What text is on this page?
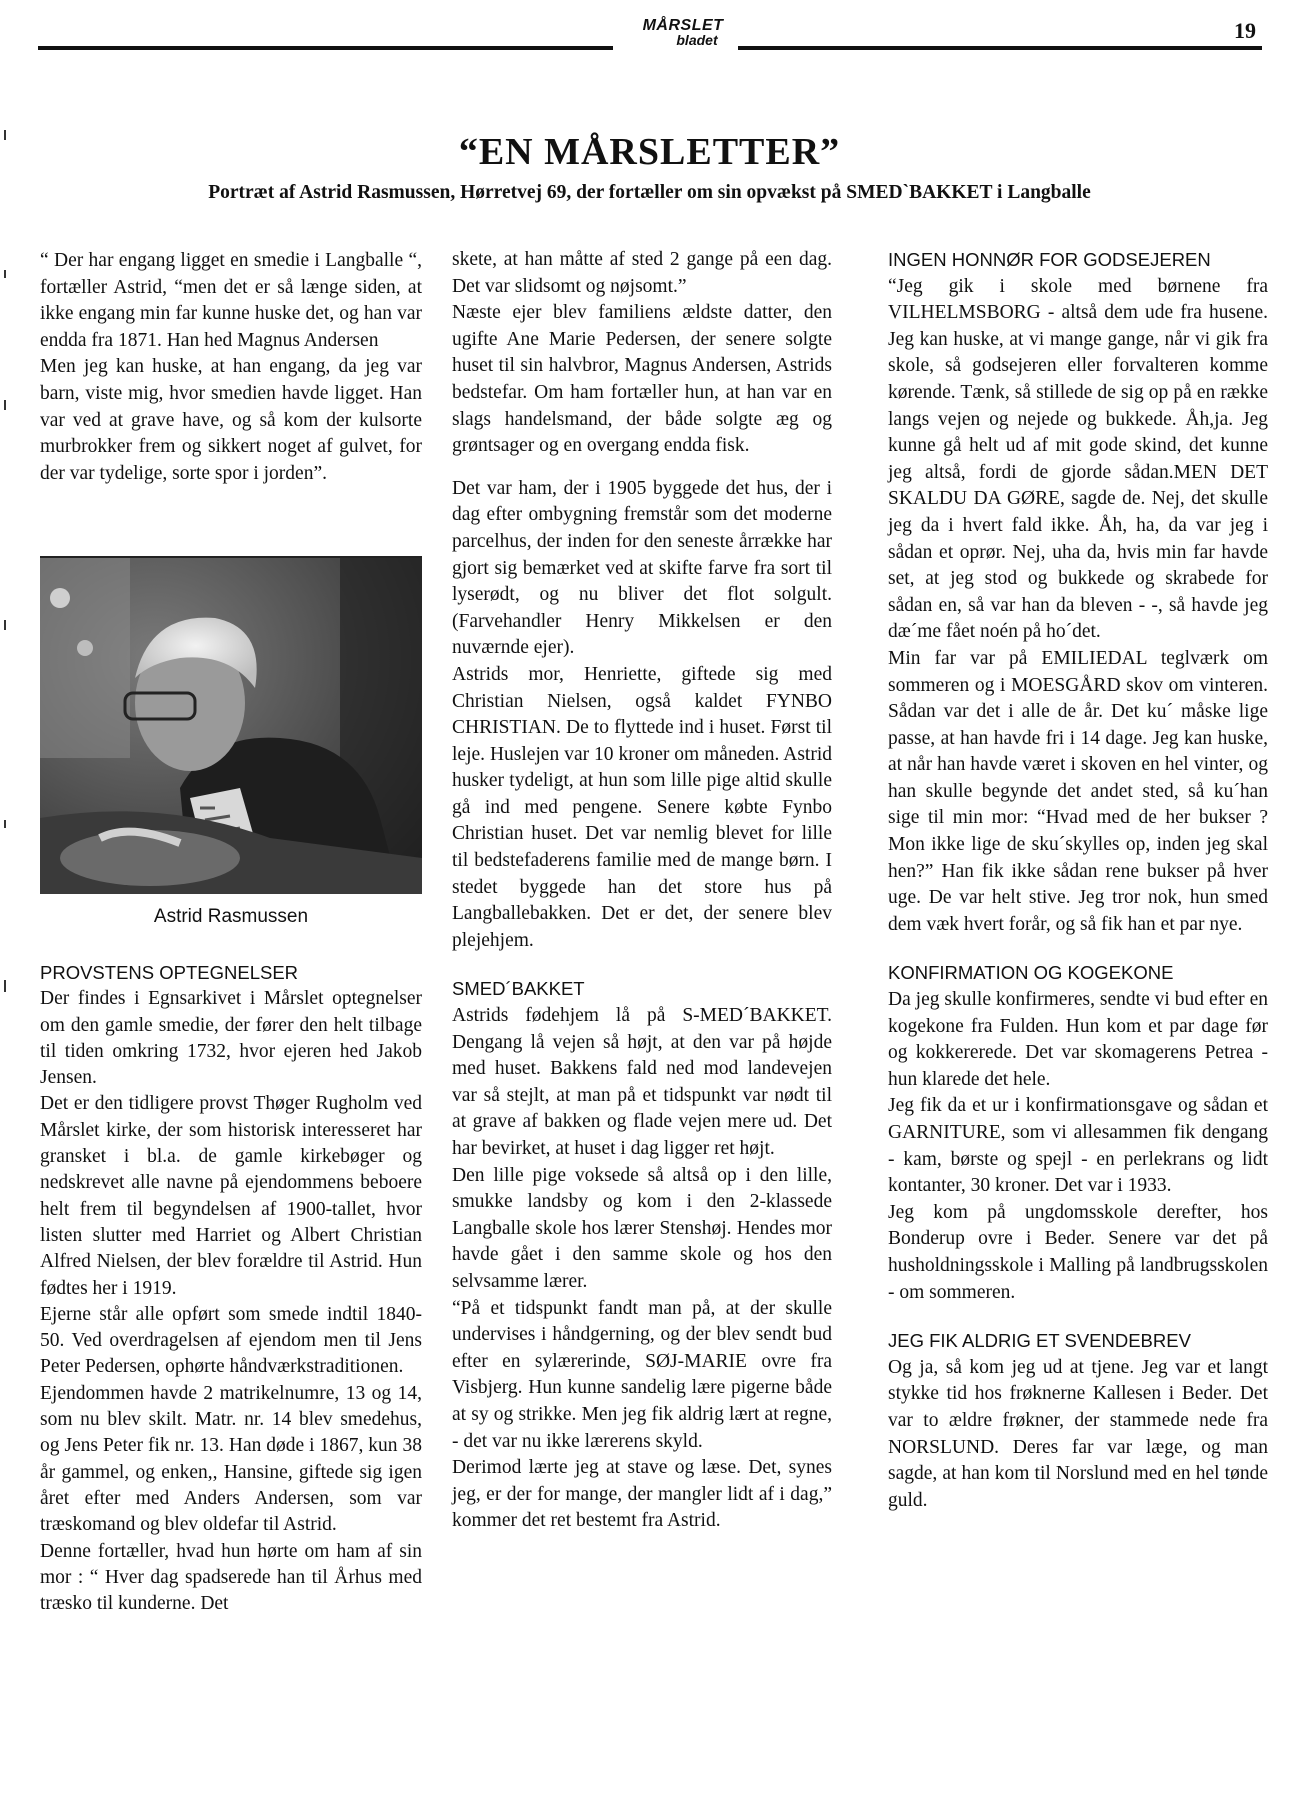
MÅRSLET
bladet	19
“EN MÅRSLETTER”
Portræt af Astrid Rasmussen, Hørretvej 69, der fortæller om sin opvækst på SMED`BAKKET i Langballe

“ Der har engang ligget en smedie i Langballe “, fortæller Astrid, “men det er så længe siden, at ikke engang min far kunne huske det, og han var endda fra 1871. Han hed Magnus Andersen

Men jeg kan huske, at han engang, da jeg var barn, viste mig, hvor smedien havde ligget. Han var ved at grave have, og så kom der kulsorte murbrokker frem og sikkert noget af gulvet, for der var tydelige, sorte spor i jorden”.

Astrid Rasmussen
PROVSTENS OPTEGNELSER

Der findes i Egnsarkivet i Mårslet optegnelser om den gamle smedie, der fører den helt tilbage til tiden omkring 1732, hvor ejeren hed Jakob Jensen.

Det er den tidligere provst Thøger Rugholm ved Mårslet kirke, der som historisk interesseret har gransket i bl.a. de gamle kirkebøger og nedskrevet alle navne på ejendommens beboere helt frem til begyndelsen af 1900-tallet, hvor listen slutter med Harriet og Albert Christian Alfred Nielsen, der blev forældre til Astrid. Hun fødtes her i 1919.

Ejerne står alle opført som smede indtil 1840-50. Ved overdragelsen af ejendom men til Jens Peter Pedersen, ophørte håndværkstraditionen.

Ejendommen havde 2 matrikelnumre, 13 og 14, som nu blev skilt. Matr. nr. 14 blev smedehus, og Jens Peter fik nr. 13. Han døde i 1867, kun 38 år gammel, og enken,, Hansine, giftede sig igen året efter med Anders Andersen, som var træskomand og blev oldefar til Astrid.

Denne fortæller, hvad hun hørte om ham af sin mor : “ Hver dag spadserede han til Århus med træsko til kunderne. Det

skete, at han måtte af sted 2 gange på een dag. Det var slidsomt og nøjsomt.”

Næste ejer blev familiens ældste datter, den ugifte Ane Marie Pedersen, der senere solgte huset til sin halvbror, Magnus Andersen, Astrids bedstefar. Om ham fortæller hun, at han var en slags handelsmand, der både solgte æg og grøntsager og en overgang endda fisk.

Det var ham, der i 1905 byggede det hus, der i dag efter ombygning fremstår som det moderne parcelhus, der inden for den seneste årrække har gjort sig bemærket ved at skifte farve fra sort til lyserødt, og nu bliver det flot solgult. (Farvehandler Henry Mikkelsen er den nuværnde ejer).

Astrids mor, Henriette, giftede sig med Christian Nielsen, også kaldet FYNBO CHRISTIAN. De to flyttede ind i huset. Først til leje. Huslejen var 10 kroner om måneden. Astrid husker tydeligt, at hun som lille pige altid skulle gå ind med pengene. Senere købte Fynbo Christian huset. Det var nemlig blevet for lille til bedstefaderens familie med de mange børn. I stedet byggede han det store hus på Langballebakken. Det er det, der senere blev plejehjem.

SMED´BAKKET

Astrids fødehjem lå på S-MED´BAKKET. Dengang lå vejen så højt, at den var på højde med huset. Bakkens fald ned mod landevejen var så stejlt, at man på et tidspunkt var nødt til at grave af bakken og flade vejen mere ud. Det har bevirket, at huset i dag ligger ret højt.

Den lille pige voksede så altså op i den lille, smukke landsby og kom i den 2-klassede Langballe skole hos lærer Stenshøj. Hendes mor havde gået i den samme skole og hos den selvsamme lærer.

“På et tidspunkt fandt man på, at der skulle undervises i håndgerning, og der blev sendt bud efter en sylærerinde, SØJ-MARIE ovre fra Visbjerg. Hun kunne sandelig lære pigerne både at sy og strikke. Men jeg fik aldrig lært at regne, - det var nu ikke lærerens skyld.

Derimod lærte jeg at stave og læse. Det, synes jeg, er der for mange, der mangler lidt af i dag,” kommer det ret bestemt fra Astrid.

INGEN HONNØR FOR GODSEJEREN

“Jeg gik i skole med børnene fra VILHELMSBORG - altså dem ude fra husene. Jeg kan huske, at vi mange gange, når vi gik fra skole, så godsejeren eller forvalteren komme kørende. Tænk, så stillede de sig op på en række langs vejen og nejede og bukkede. Åh,ja. Jeg kunne gå helt ud af mit gode skind, det kunne jeg altså, fordi de gjorde sådan.MEN DET SKALDU DA GØRE, sagde de. Nej, det skulle jeg da i hvert fald ikke. Åh, ha, da var jeg i sådan et oprør. Nej, uha da, hvis min far havde set, at jeg stod og bukkede og skrabede for sådan en, så var han da bleven - -, så havde jeg dæ´me fået noén på ho´det.

Min far var på EMILIEDAL teglværk om sommeren og i MOESGÅRD skov om vinteren. Sådan var det i alle de år. Det ku´ måske lige passe, at han havde fri i 14 dage. Jeg kan huske, at når han havde været i skoven en hel vinter, og han skulle begynde det andet sted, så ku´han sige til min mor: “Hvad med de her bukser ? Mon ikke lige de sku´skylles op, inden jeg skal hen?” Han fik ikke sådan rene bukser på hver uge. De var helt stive. Jeg tror nok, hun smed dem væk hvert forår, og så fik han et par nye.

KONFIRMATION OG KOGEKONE

Da jeg skulle konfirmeres, sendte vi bud efter en kogekone fra Fulden. Hun kom et par dage før og kokkererede. Det var skomagerens Petrea - hun klarede det hele.

Jeg fik da et ur i konfirmationsgave og sådan et GARNITURE, som vi allesammen fik dengang - kam, børste og spejl - en perlekrans og lidt kontanter, 30 kroner. Det var i 1933.

Jeg kom på ungdomsskole derefter, hos Bonderup ovre i Beder. Senere var det på husholdningsskole i Malling på landbrugsskolen - om sommeren.

JEG FIK ALDRIG ET SVENDEBREV

Og ja, så kom jeg ud at tjene. Jeg var et langt stykke tid hos frøknerne Kallesen i Beder. Det var to ældre frøkner, der stammede nede fra NORSLUND. Deres far var læge, og man sagde, at han kom til Norslund med en hel tønde guld.
